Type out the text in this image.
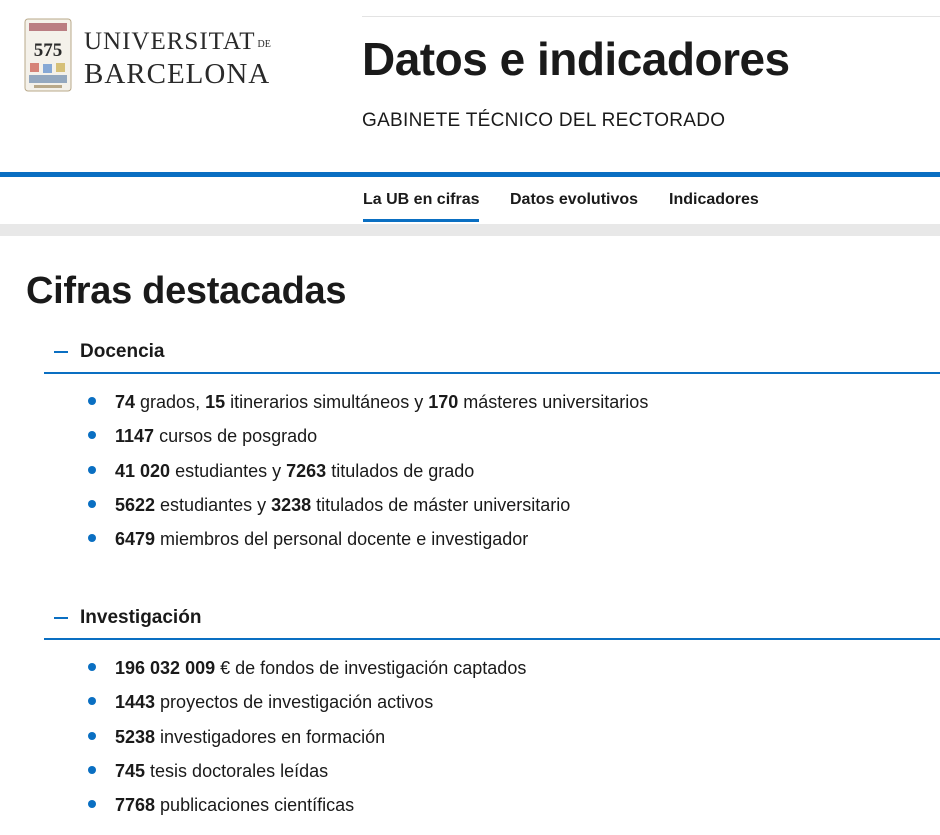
575 UNIVERSITAT DE
BARCELONA Datos e indicadores
GABINETE TÉCNICO DEL RECTORADO
La UB en cifras Datos evolutivos Indicadores
Cifras destacadas
Docencia
74 grados, 15 itinerarios simultáneos y 170 másteres universitarios
1147 cursos de posgrado
41 020 estudiantes y 7263 titulados de grado
5622 estudiantes y 3238 titulados de máster universitario
6479 miembros del personal docente e investigador
Investigación
196 032 009 € de fondos de investigación captados
1443 proyectos de investigación activos
5238 investigadores en formación
745 tesis doctorales leídas
7768 publicaciones científicas
